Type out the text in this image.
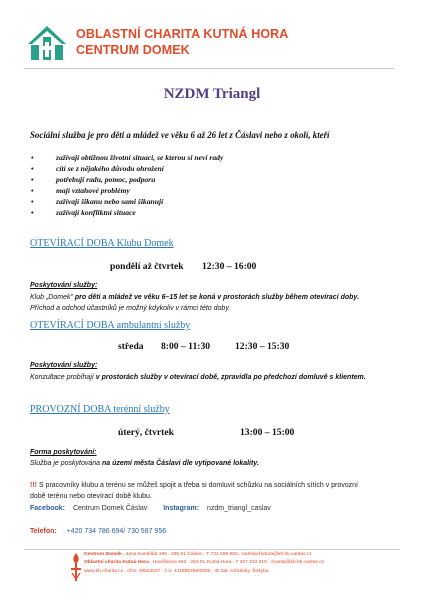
OBLASTNÍ CHARITA KUTNÁ HORA
CENTRUM DOMEK
NZDM Triangl
Sociální služba je pro děti a mládež ve věku 6 až 26 let z Čáslavi nebo z okolí, kteří
•	zažívají obtížnou životní situaci, se kterou si neví rady
•	cítí se z nějakého důvodu ohrožení
•	potřebují radu, pomoc, podporu
•	mají vztahové problémy
•	zažívají šikanu nebo sami šikanují
•	zažívají konfliktní situace
OTEVÍRACÍ DOBA Klubu Domek
pondělí až čtvrtek 12:30 – 16:00
Poskytování služby:
Klub „Domek" pro děti a mládež ve věku 6–15 let se koná v prostorách služby během otevírací doby.
Příchod a odchod účastníků je možný kdykoliv v rámci této doby.
OTEVÍRACÍ DOBA ambulantní služby
středa 8:00 – 11:30	12:30 – 15:30
Poskytování služby:
Konzultace probíhají v prostorách služby v otevírací době, zpravidla po předchozí domluvě s klientem.
PROVOZNÍ DOBA terénní služby
úterý, čtvrtek	13:00 – 15:00
Forma poskytování:
Služba je poskytována na území města Čáslavi dle vytipované lokality.
!!! S pracovníky klubu a terénu se můžeš spojit a třeba si domluvit schůzku na sociálních sítích v provozní
době terénu nebo otevírací době klubu.
Facebook: Centrum Domek Čáslav Instagram: nzdm_triangl_caslav
Telefon: +420 734 786 694/ 730 587 956
Centrum Domek . Jana Karafiáta 199 . 286 01 Čáslav . T 731 598 983 . radmila.fedora@kh.hk.caritas.cz
Oblastní charita Kutná Hora . Havlíčkova 463 . 284 01 Kutná Hora . T 327 313 310 . charita@kh.hk.caritas.cz
www.kh.charita.cz . IČO: 49543547 . č.ú: 441888359/0800 . ID dat. schránky: ft34yba
